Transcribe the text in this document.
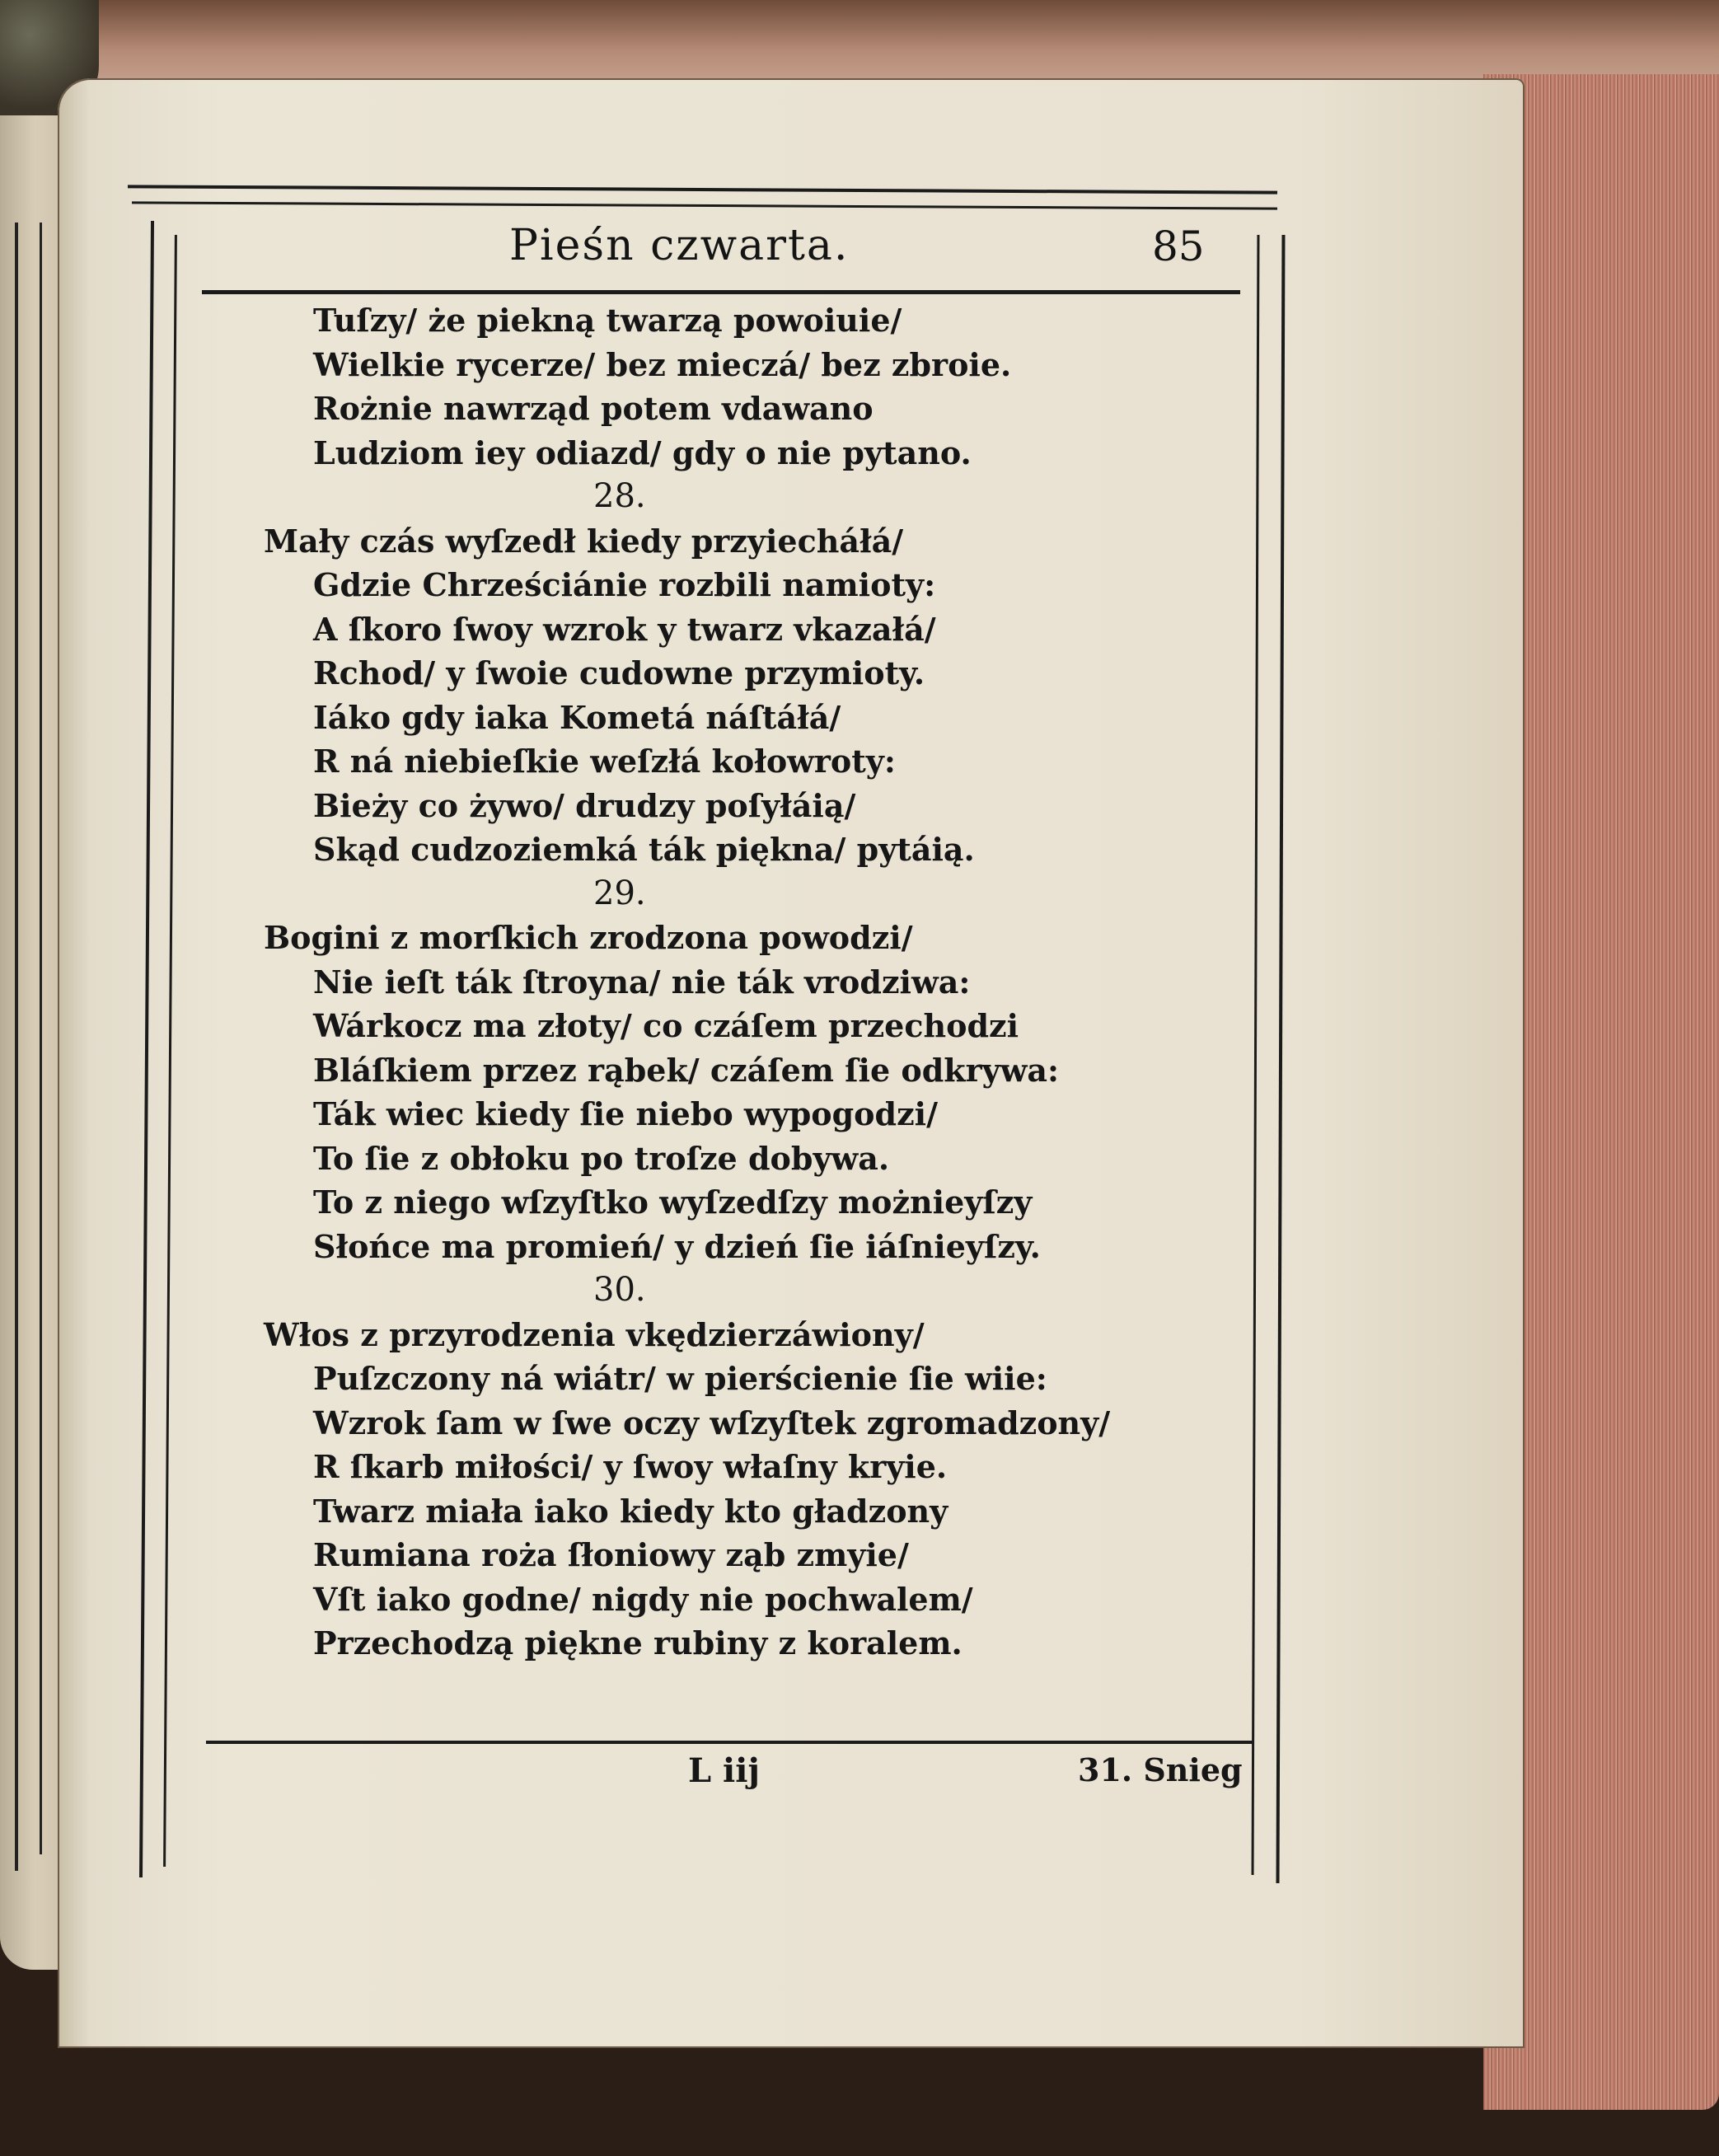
Pieśn czwarta.	85
Tuſzy/ że piekną twarzą powoiuie/
Wielkie rycerze/ bez mieczá/ bez zbroie.
Rożnie nawrząd potem vdawano
Ludziom iey odiazd/ gdy o nie pytano.
28.
Mały czás wyſzedł kiedy przyiecháłá/
Gdzie Chrześciánie rozbili namioty:
A ſkoro ſwoy wzrok y twarz vkazałá/
Rchod/ y ſwoie cudowne przymioty.
Iáko gdy iaka Kometá náſtáłá/
R ná niebieſkie weſzłá kołowroty:
Bieży co żywo/ drudzy poſyłáią/
Skąd cudzoziemká ták piękna/ pytáią.
29.
Bogini z morſkich zrodzona powodzi/
Nie ieſt ták ſtroyna/ nie ták vrodziwa:
Wárkocz ma złoty/ co czáſem przechodzi
Bláſkiem przez rąbek/ czáſem ſie odkrywa:
Ták wiec kiedy ſie niebo wypogodzi/
To ſie z obłoku po troſze dobywa.
To z niego wſzyſtko wyſzedſzy możnieyſzy
Słońce ma promień/ y dzień ſie iáſnieyſzy.
30.
Włos z przyrodzenia vkędzierzáwiony/
Puſzczony ná wiátr/ w pierścienie ſie wiie:
Wzrok ſam w ſwe oczy wſzyſtek zgromadzony/
R ſkarb miłości/ y ſwoy właſny kryie.
Twarz miała iako kiedy kto gładzony
Rumiana roża ſłoniowy ząb zmyie/
Vſt iako godne/ nigdy nie pochwalem/
Przechodzą piękne rubiny z koralem.
L iij	31. Snieg
